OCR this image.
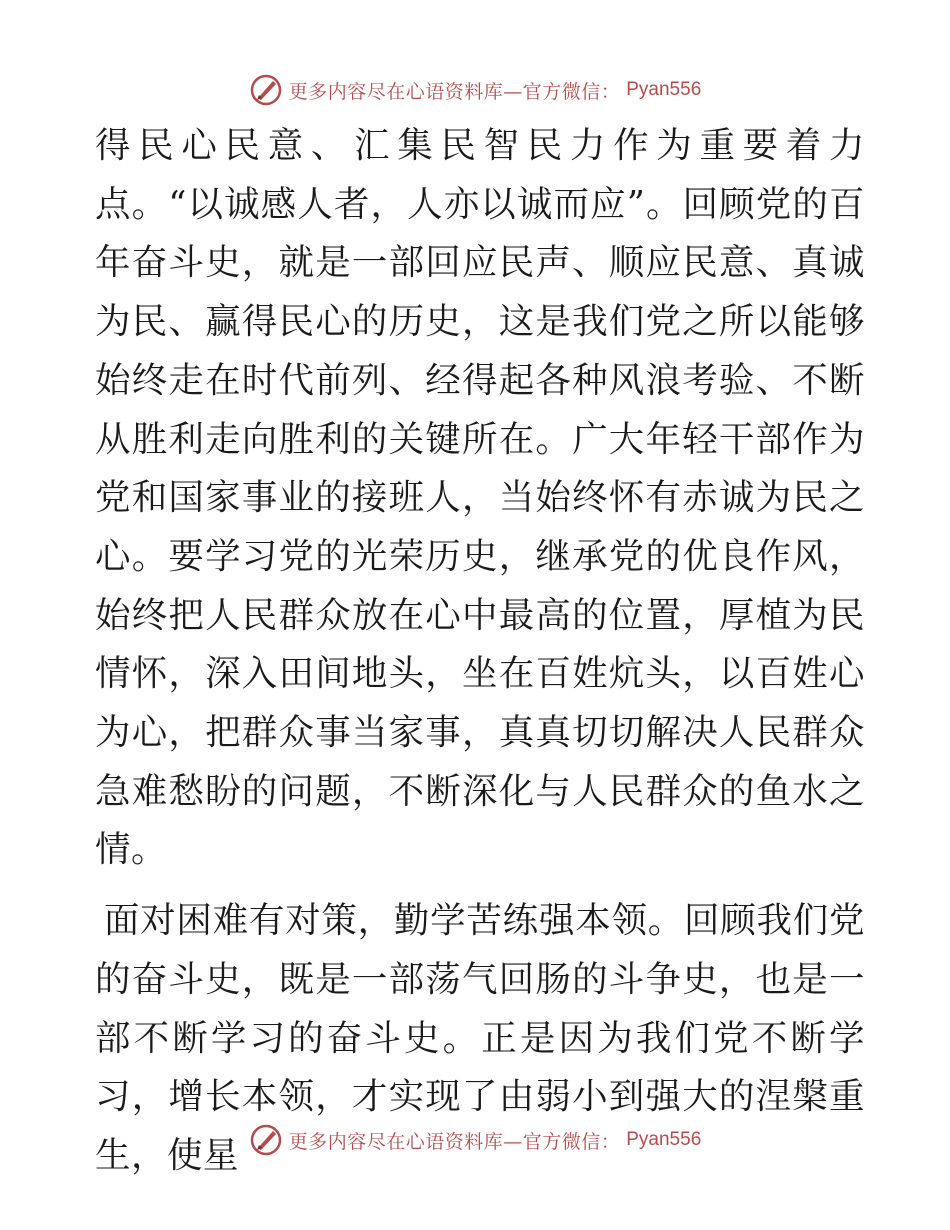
更多内容尽在心语资料库—官方微信： Pyan556

得民心民意、汇集民智民力作为重要着力点。“以诚感人者，人亦以诚而应”。回顾党的百年奋斗史，就是一部回应民声、顺应民意、真诚为民、赢得民心的历史，这是我们党之所以能够始终走在时代前列、经得起各种风浪考验、不断从胜利走向胜利的关键所在。广大年轻干部作为党和国家事业的接班人，当始终怀有赤诚为民之心。要学习党的光荣历史，继承党的优良作风，始终把人民群众放在心中最高的位置，厚植为民情怀，深入田间地头，坐在百姓炕头，以百姓心为心，把群众事当家事，真真切切解决人民群众急难愁盼的问题，不断深化与人民群众的鱼水之情。

面对困难有对策，勤学苦练强本领。回顾我们党的奋斗史，既是一部荡气回肠的斗争史，也是一部不断学习的奋斗史。正是因为我们党不断学习，增长本领，才实现了由弱小到强大的涅槃重生，使星	更多内容尽在心语资料库—官方微信： Pyan556
